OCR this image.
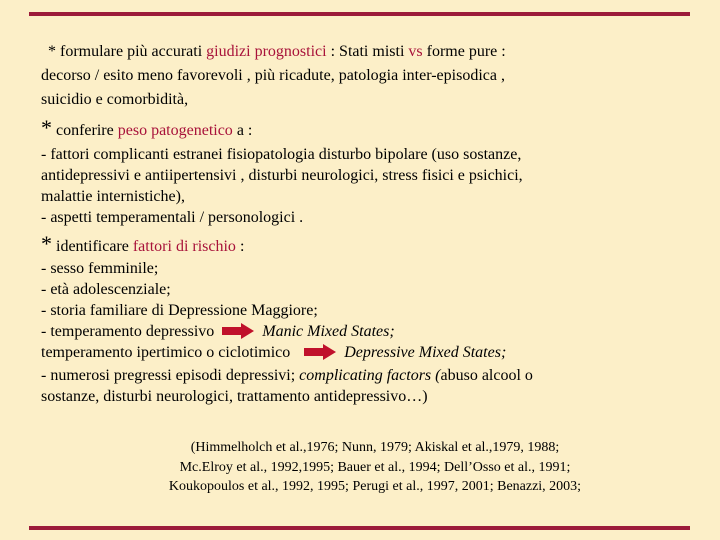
* formulare più accurati giudizi prognostici : Stati misti vs forme pure :
decorso / esito meno favorevoli , più ricadute, patologia inter-episodica ,
suicidio e comorbidità,
* conferire peso patogenetico a :
- fattori complicanti estranei fisiopatologia disturbo bipolare (uso sostanze,
antidepressivi e antiipertensivi , disturbi neurologici, stress fisici e psichici,
malattie internistiche),
- aspetti temperamentali / personologici .
* identificare fattori di rischio :
- sesso femminile;
- età adolescenziale;
- storia familiare di Depressione Maggiore;
- temperamento depressivo	Manic Mixed States;
temperamento ipertimico o ciclotimico	Depressive Mixed States;
- numerosi pregressi episodi depressivi; complicating factors (abuso alcool o
sostanze, disturbi neurologici, trattamento antidepressivo…)
(Himmelholch et al.,1976; Nunn, 1979; Akiskal et al.,1979, 1988;
Mc.Elroy et al., 1992,1995; Bauer et al., 1994; Dell’Osso et al., 1991;
Koukopoulos et al., 1992, 1995; Perugi et al., 1997, 2001; Benazzi, 2003;
